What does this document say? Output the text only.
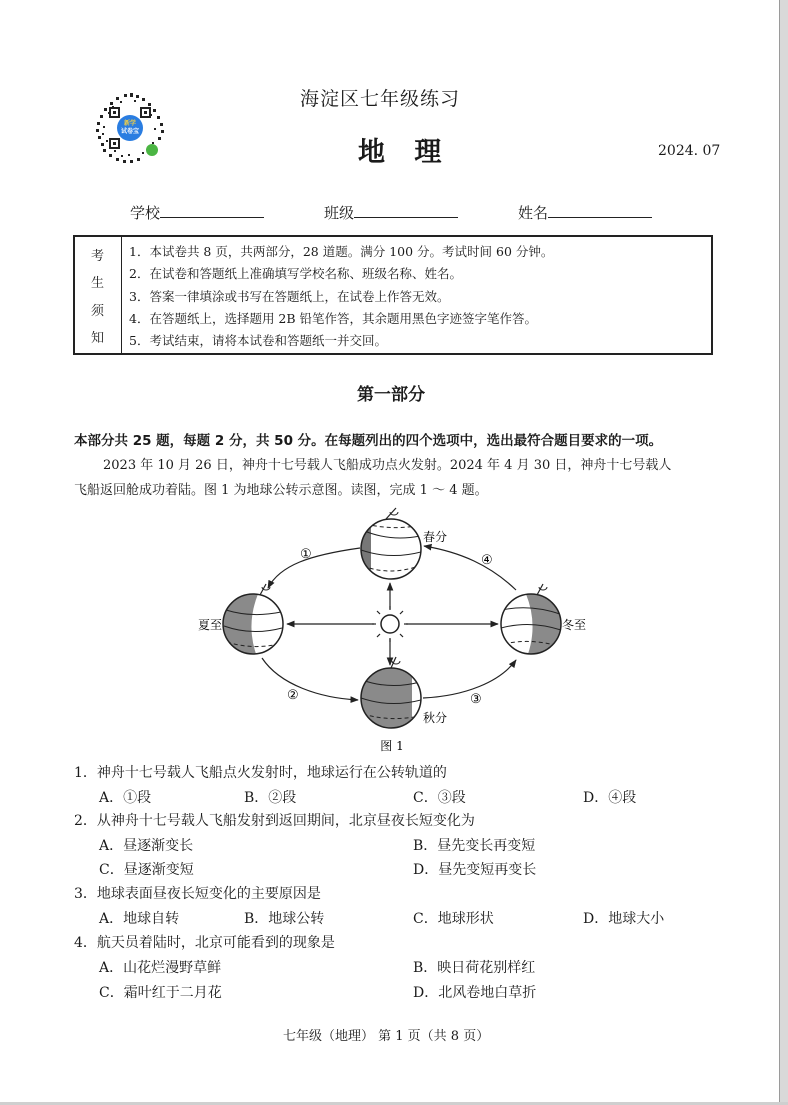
新学
试卷宝
海淀区七年级练习
地 理	2024. 07
学校	班级	姓名
考
生
须
知
1．本试卷共 8 页，共两部分，28 道题。满分 100 分。考试时间 60 分钟。
2．在试卷和答题纸上准确填写学校名称、班级名称、姓名。
3．答案一律填涂或书写在答题纸上，在试卷上作答无效。
4．在答题纸上，选择题用 2B 铅笔作答，其余题用黑色字迹签字笔作答。
5．考试结束，请将本试卷和答题纸一并交回。
第一部分
本部分共 25 题，每题 2 分，共 50 分。在每题列出的四个选项中，选出最符合题目要求的一项。
2023 年 10 月 26 日，神舟十七号载人飞船成功点火发射。2024 年 4 月 30 日，神舟十七号载人
飞船返回舱成功着陆。图 1 为地球公转示意图。读图，完成 1 ～ 4 题。
春分
夏至
秋分
冬至
①
②	③
④
图 1
1．神舟十七号载人飞船点火发射时，地球运行在公转轨道的
A．①段	B．②段	C．③段	D．④段
2．从神舟十七号载人飞船发射到返回期间，北京昼夜长短变化为
A．昼逐渐变长	B．昼先变长再变短
C．昼逐渐变短	D．昼先变短再变长
3．地球表面昼夜长短变化的主要原因是
A．地球自转	B．地球公转	C．地球形状	D．地球大小
4．航天员着陆时，北京可能看到的现象是
A．山花烂漫野草鲜	B．映日荷花别样红
C．霜叶红于二月花	D．北风卷地白草折
七年级（地理） 第 1 页（共 8 页）
